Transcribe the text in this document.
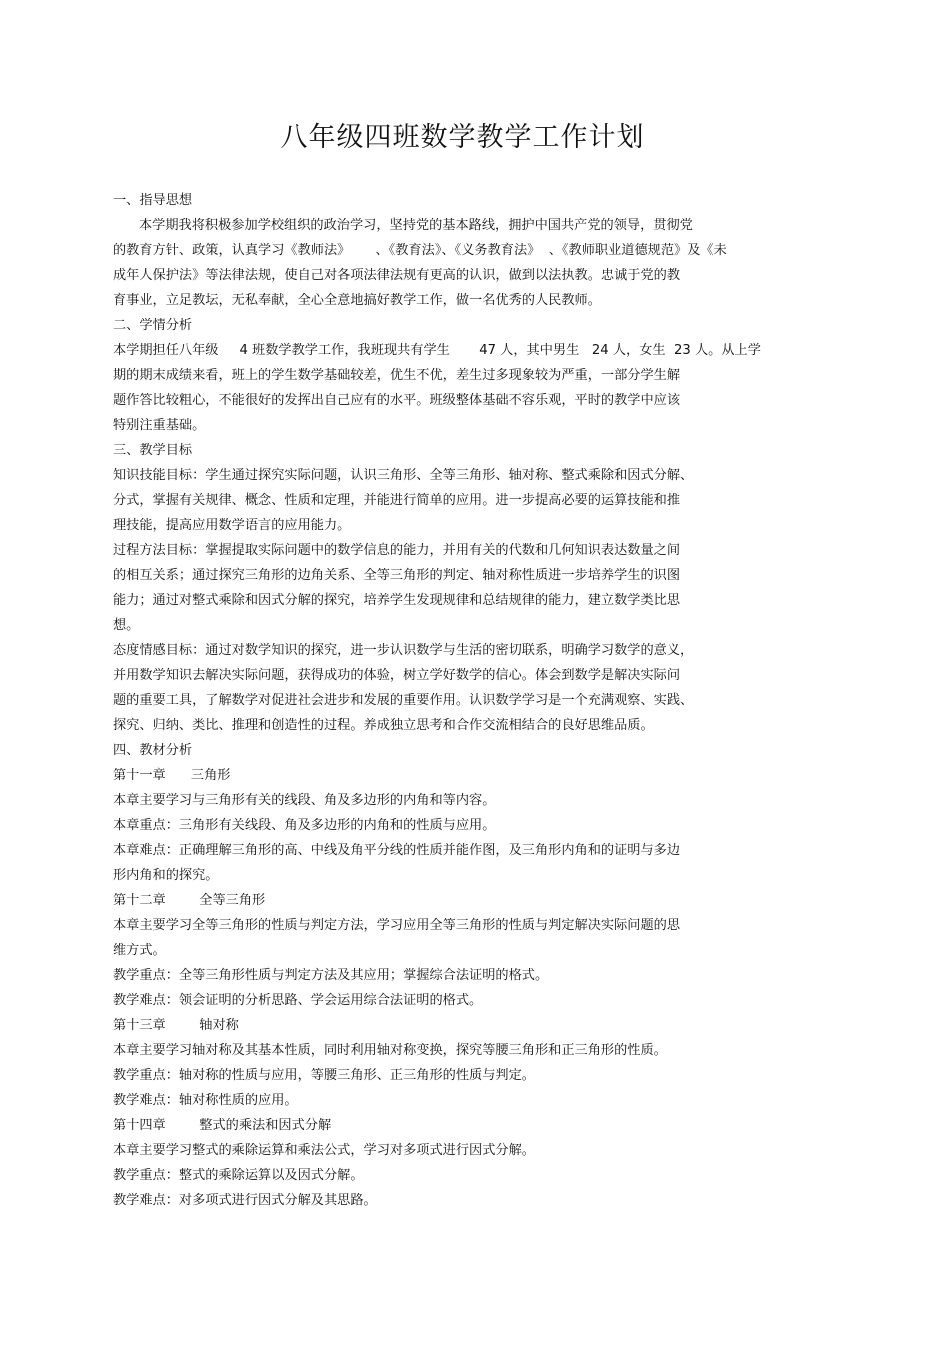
八年级四班数学教学工作计划
一、指导思想
本学期我将积极参加学校组织的政治学习，坚持党的基本路线，拥护中国共产党的领导，贯彻党
的教育方针、政策，认真学习《教师法》      、《教育法》、《义务教育法》  、《教师职业道德规范》及《未
成年人保护法》等法律法规，使自己对各项法律法规有更高的认识，做到以法执教。忠诚于党的教
育事业，立足教坛，无私奉献，全心全意地搞好教学工作，做一名优秀的人民教师。
二、学情分析
本学期担任八年级     4 班数学教学工作，我班现共有学生       47 人，其中男生   24 人，女生  23 人。从上学
期的期末成绩来看，班上的学生数学基础较差，优生不优，差生过多现象较为严重，一部分学生解
题作答比较粗心，不能很好的发挥出自己应有的水平。班级整体基础不容乐观，平时的教学中应该
特别注重基础。
三、教学目标
知识技能目标：学生通过探究实际问题，认识三角形、全等三角形、轴对称、整式乘除和因式分解、
分式，掌握有关规律、概念、性质和定理，并能进行简单的应用。进一步提高必要的运算技能和推
理技能，提高应用数学语言的应用能力。
过程方法目标：掌握提取实际问题中的数学信息的能力，并用有关的代数和几何知识表达数量之间
的相互关系；通过探究三角形的边角关系、全等三角形的判定、轴对称性质进一步培养学生的识图
能力；通过对整式乘除和因式分解的探究，培养学生发现规律和总结规律的能力，建立数学类比思
想。
态度情感目标：通过对数学知识的探究，进一步认识数学与生活的密切联系，明确学习数学的意义，
并用数学知识去解决实际问题，获得成功的体验，树立学好数学的信心。体会到数学是解决实际问
题的重要工具，了解数学对促进社会进步和发展的重要作用。认识数学学习是一个充满观察、实践、
探究、归纳、类比、推理和创造性的过程。养成独立思考和合作交流相结合的良好思维品质。
四、教材分析
第十一章      三角形
本章主要学习与三角形有关的线段、角及多边形的内角和等内容。
本章重点：三角形有关线段、角及多边形的内角和的性质与应用。
本章难点：正确理解三角形的高、中线及角平分线的性质并能作图，及三角形内角和的证明与多边
形内角和的探究。
第十二章        全等三角形
本章主要学习全等三角形的性质与判定方法，学习应用全等三角形的性质与判定解决实际问题的思
维方式。
教学重点：全等三角形性质与判定方法及其应用；掌握综合法证明的格式。
教学难点：领会证明的分析思路、学会运用综合法证明的格式。
第十三章        轴对称
本章主要学习轴对称及其基本性质，同时利用轴对称变换，探究等腰三角形和正三角形的性质。
教学重点：轴对称的性质与应用，等腰三角形、正三角形的性质与判定。
教学难点：轴对称性质的应用。
第十四章        整式的乘法和因式分解
本章主要学习整式的乘除运算和乘法公式，学习对多项式进行因式分解。
教学重点：整式的乘除运算以及因式分解。
教学难点：对多项式进行因式分解及其思路。
